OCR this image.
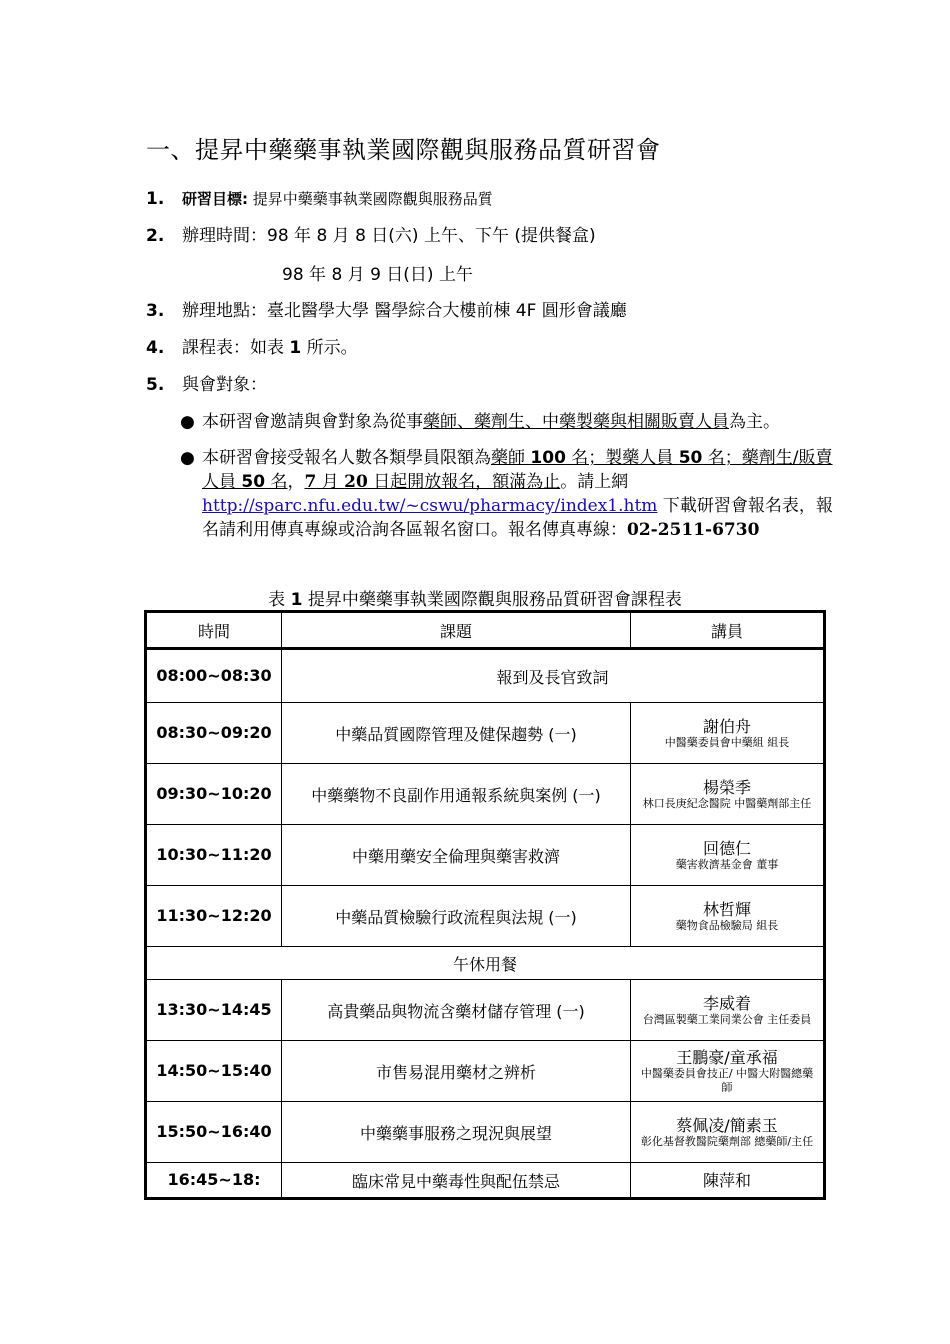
一、提昇中藥藥事執業國際觀與服務品質研習會
1. 研習目標: 提昇中藥藥事執業國際觀與服務品質
2. 辦理時間：98 年 8 月 8 日(六) 上午、下午 (提供餐盒)
3. 辦理地點：臺北醫學大學 醫學綜合大樓前棟 4F 圓形會議廳
4. 課程表：如表 1 所示。
5. 與會對象：
98 年 8 月 9 日(日) 上午
● 本研習會邀請與會對象為從事藥師、藥劑生、中藥製藥與相關販賣人員為主。
● 本研習會接受報名人數各類學員限額為藥師 100 名；製藥人員 50 名；藥劑生/販賣人員 50 名，7 月 20 日起開放報名，額滿為止。請上網 http://sparc.nfu.edu.tw/~cswu/pharmacy/index1.htm 下載研習會報名表，報名請利用傳真專線或洽詢各區報名窗口。報名傳真專線：02-2511-6730
表 1 提昇中藥藥事執業國際觀與服務品質研習會課程表
時間	課題	講員
08:00~08:30	報到及長官致詞	
08:30~09:20	中藥品質國際管理及健保趨勢 (一)	謝伯舟
中醫藥委員會中藥組 組長

09:30~10:20	中藥藥物不良副作用通報系統與案例 (一)	楊榮季
林口長庚紀念醫院 中醫藥劑部主任

10:30~11:20	中藥用藥安全倫理與藥害救濟	回德仁
藥害救濟基金會 董事

11:30~12:20	中藥品質檢驗行政流程與法規 (一)	林哲輝
藥物食品檢驗局 組長

午休用餐		
13:30~14:45	高貴藥品與物流含藥材儲存管理 (一)	李威着
台灣區製藥工業同業公會 主任委員

14:50~15:40	市售易混用藥材之辨析	王鵬豪/童承福
中醫藥委員會技正/ 中醫大附醫總藥師

15:50~16:40	中藥藥事服務之現況與展望	蔡佩凌/簡素玉
彰化基督教醫院藥劑部 總藥師/主任

16:45~18:	臨床常見中藥毒性與配伍禁忌	陳萍和
